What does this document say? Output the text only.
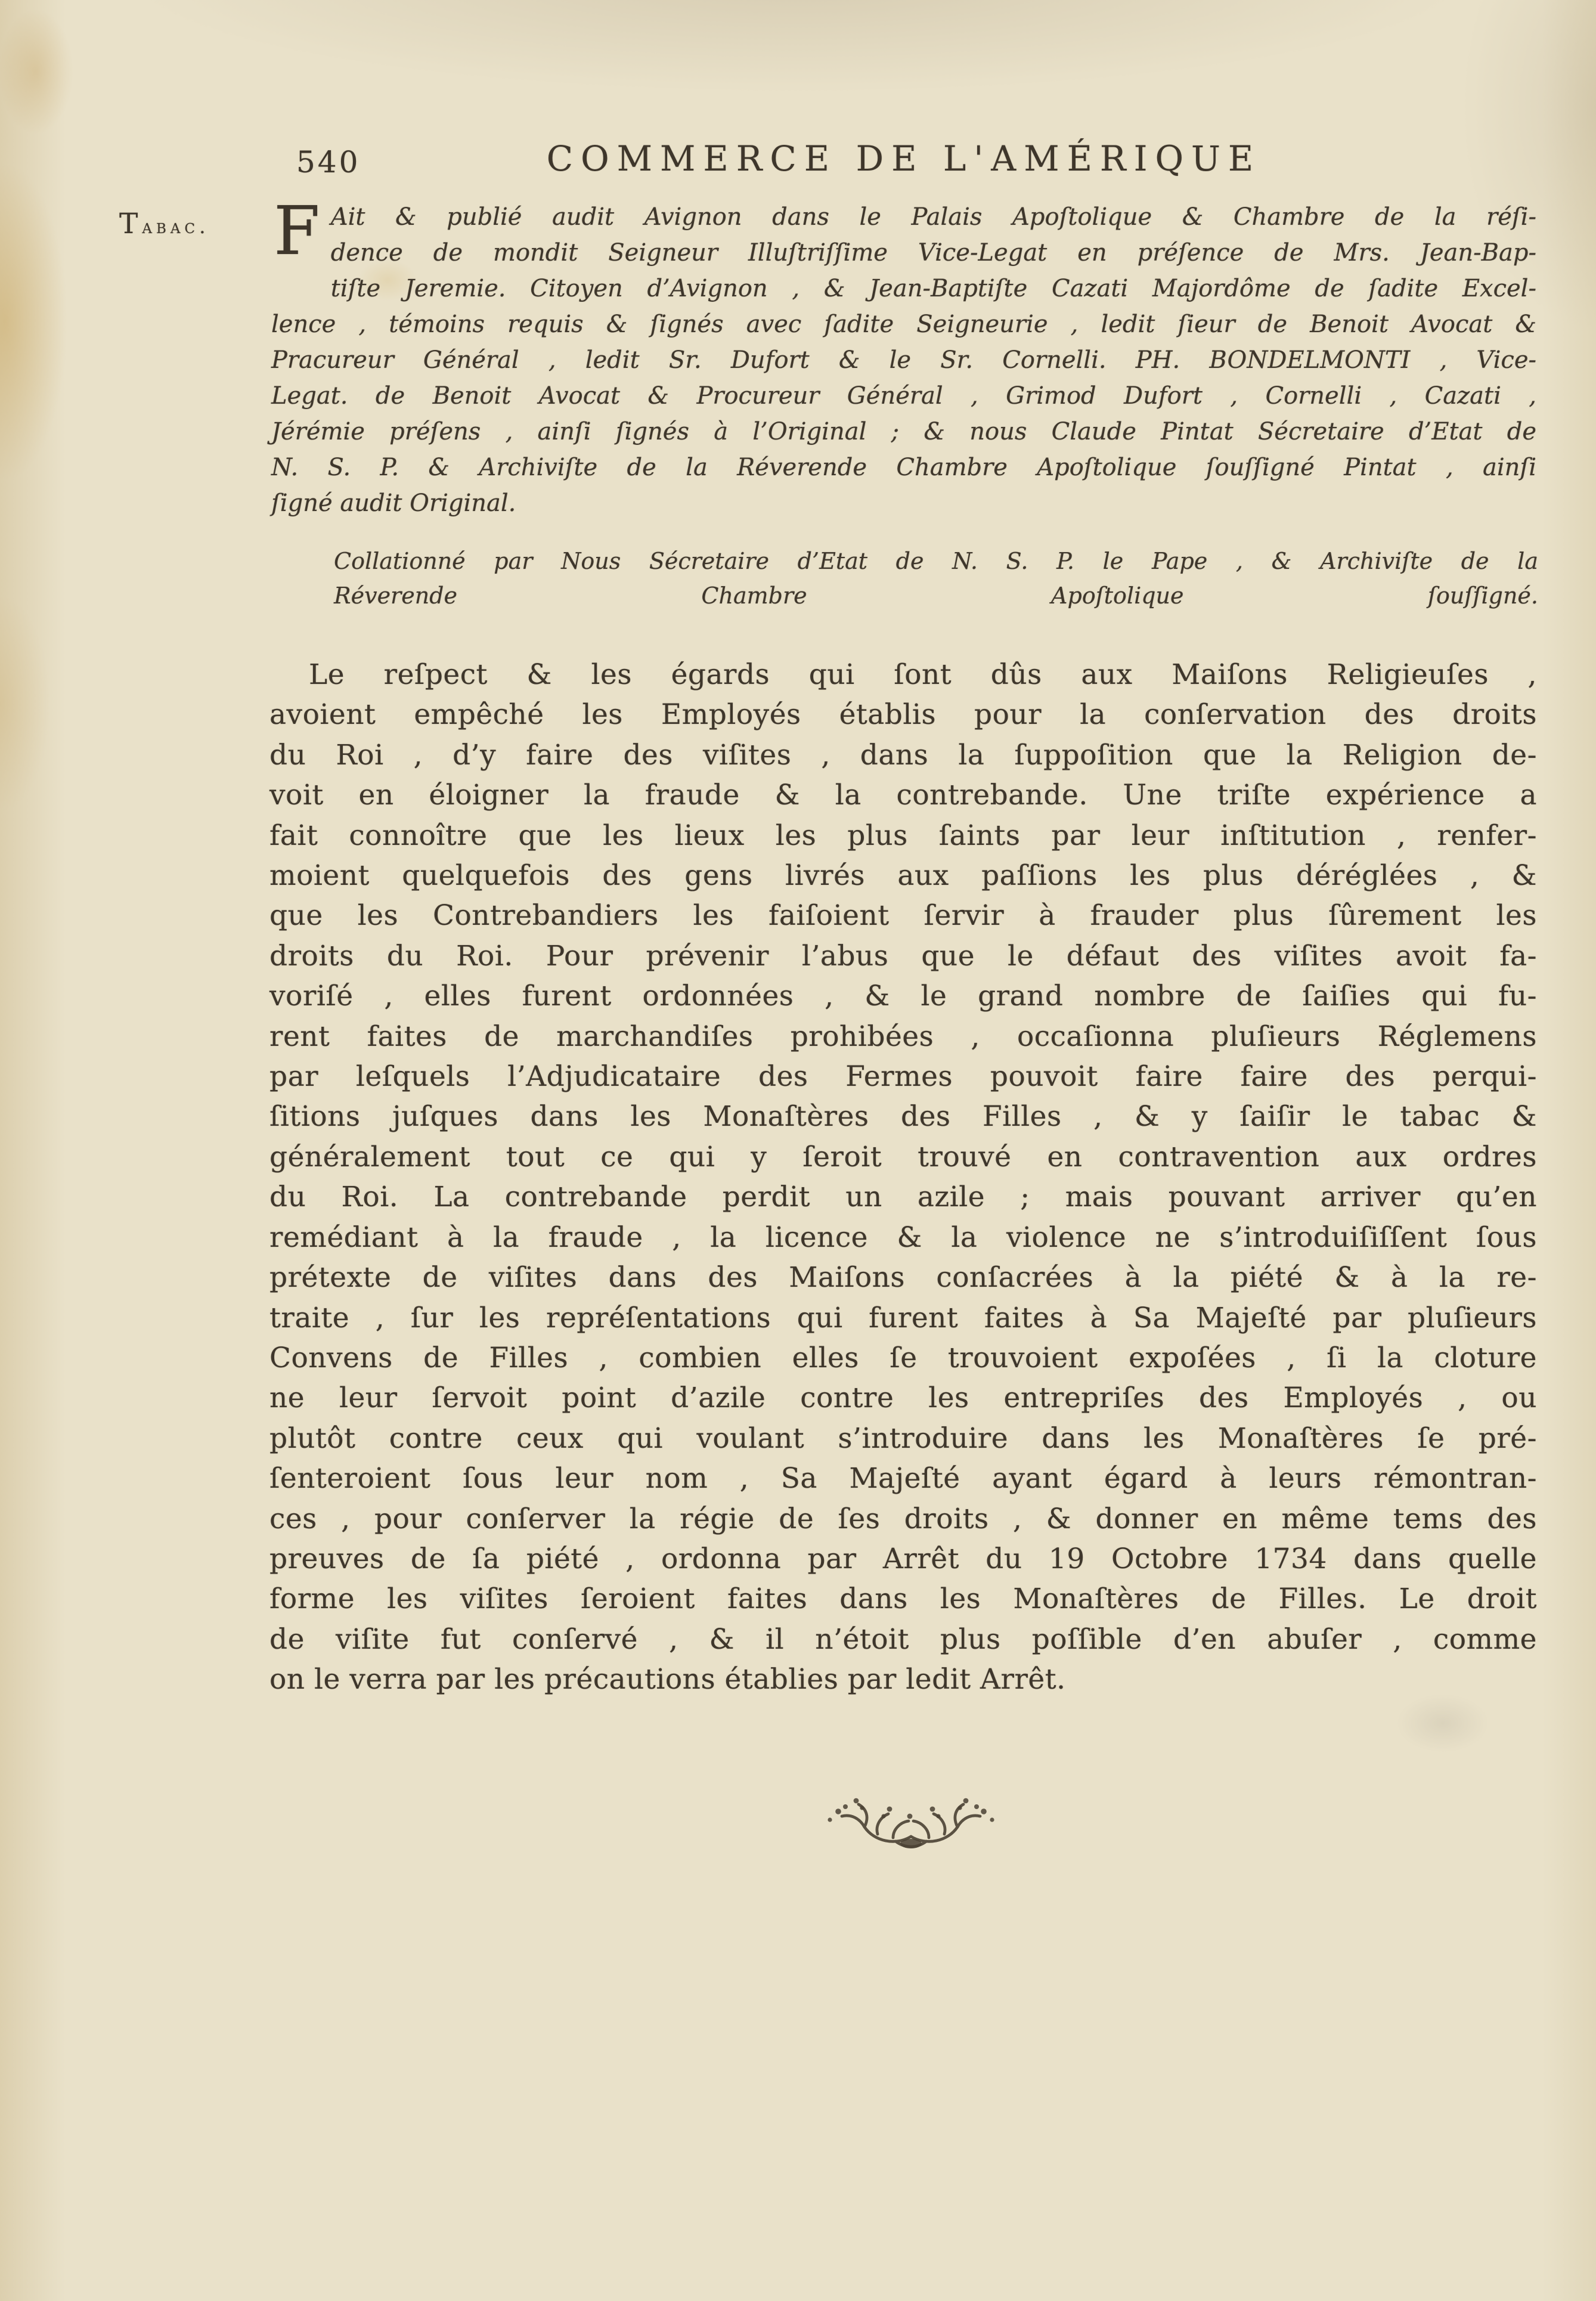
540	COMMERCE DE L'AMÉRIQUE
Tabac. F Ait & publié audit Avignon dans le Palais Apoſtolique & Chambre de la réſi-
dence de mondit Seigneur Illuſtriſſime Vice-Legat en préſence de Mrs. Jean-Bap-
tiſte Jeremie. Citoyen d’Avignon , & Jean-Baptiſte Cazati Majordôme de ſadite Excel-
lence , témoins requis & ſignés avec ſadite Seigneurie , ledit ſieur de Benoit Avocat &
Pracureur Général , ledit Sr. Dufort & le Sr. Cornelli. PH. BONDELMONTI , Vice-
Legat. de Benoit Avocat & Procureur Général , Grimod Dufort , Cornelli , Cazati ,
Jérémie préſens , ainſi ſignés à l’Original ; & nous Claude Pintat Sécretaire d’Etat de
N. S. P. & Archiviſte de la Réverende Chambre Apoſtolique ſouſſigné Pintat , ainſi
ſigné audit Original.
Collationné par Nous Sécretaire d’Etat de N. S. P. le Pape , & Archiviſte de la
Réverende Chambre Apoſtolique ſouſſigné.
Le reſpect & les égards qui ſont dûs aux Maiſons Religieuſes ,
avoient empêché les Employés établis pour la conſervation des droits
du Roi , d’y faire des viſites , dans la ſuppoſition que la Religion de-
voit en éloigner la fraude & la contrebande. Une triſte expérience a
fait connoître que les lieux les plus ſaints par leur inſtitution , renfer-
moient quelquefois des gens livrés aux paſſions les plus déréglées , &
que les Contrebandiers les faiſoient ſervir à frauder plus ſûrement les
droits du Roi. Pour prévenir l’abus que le défaut des viſites avoit fa-
voriſé , elles furent ordonnées , & le grand nombre de ſaiſies qui fu-
rent faites de marchandiſes prohibées , occaſionna pluſieurs Réglemens
par leſquels l’Adjudicataire des Fermes pouvoit faire faire des perqui-
ſitions juſques dans les Monaſtères des Filles , & y ſaiſir le tabac &
généralement tout ce qui y ſeroit trouvé en contravention aux ordres
du Roi. La contrebande perdit un azile ; mais pouvant arriver qu’en
remédiant à la fraude , la licence & la violence ne s’introduiſiſſent ſous
prétexte de viſites dans des Maiſons conſacrées à la piété & à la re-
traite , ſur les repréſentations qui furent faites à Sa Majeſté par pluſieurs
Convens de Filles , combien elles ſe trouvoient expoſées , ſi la cloture
ne leur ſervoit point d’azile contre les entrepriſes des Employés , ou
plutôt contre ceux qui voulant s’introduire dans les Monaſtères ſe pré-
ſenteroient ſous leur nom , Sa Majeſté ayant égard à leurs rémontran-
ces , pour conſerver la régie de ſes droits , & donner en même tems des
preuves de ſa piété , ordonna par Arrêt du 19 Octobre 1734 dans quelle
forme les viſites ſeroient faites dans les Monaſtères de Filles. Le droit
de viſite fut conſervé , & il n’étoit plus poſſible d’en abuſer , comme
on le verra par les précautions établies par ledit Arrêt.
